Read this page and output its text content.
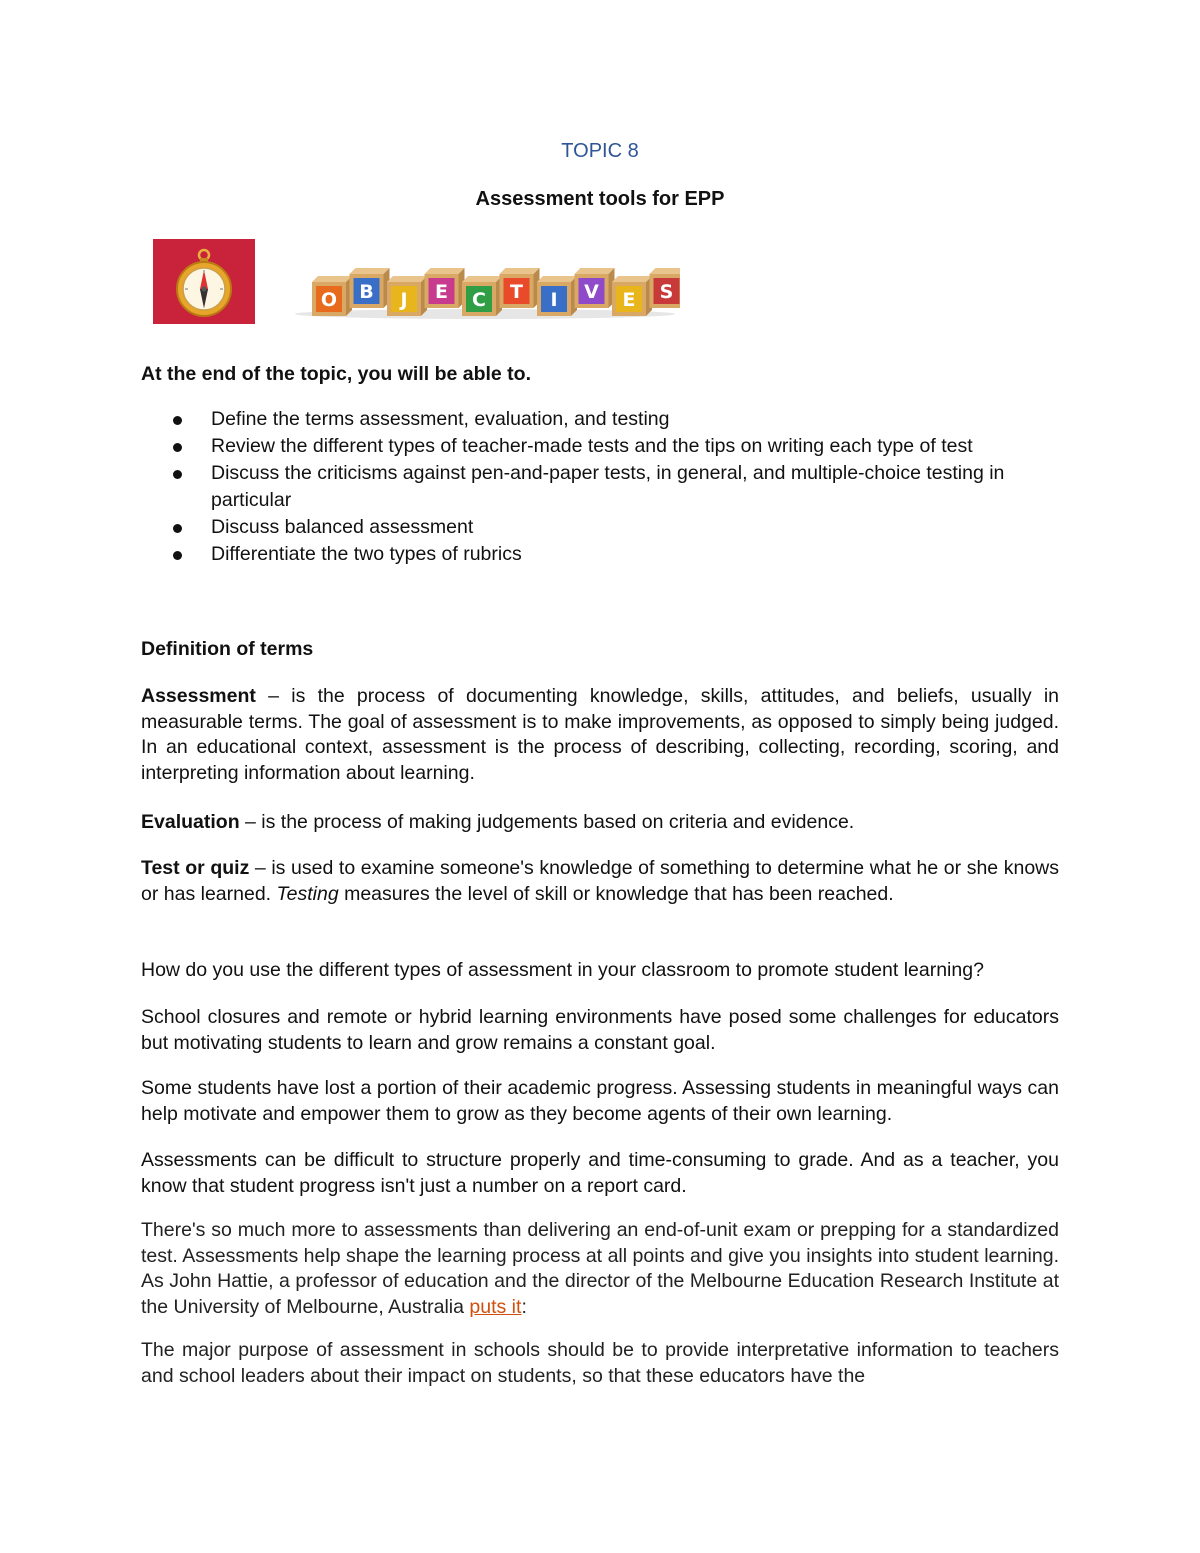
TOPIC 8
Assessment tools for EPP
O B J E C T I V E S
At the end of the topic, you will be able to.
Define the terms assessment, evaluation, and testing
Review the different types of teacher-made tests and the tips on writing each type of test
Discuss the criticisms against pen-and-paper tests, in general, and multiple-choice testing in particular
Discuss balanced assessment
Differentiate the two types of rubrics
Definition of terms

Assessment – is the process of documenting knowledge, skills, attitudes, and beliefs, usually in measurable terms. The goal of assessment is to make improvements, as opposed to simply being judged. In an educational context, assessment is the process of describing, collecting, recording, scoring, and interpreting information about learning.

Evaluation – is the process of making judgements based on criteria and evidence.

Test or quiz – is used to examine someone's knowledge of something to determine what he or she knows or has learned. Testing measures the level of skill or knowledge that has been reached.

How do you use the different types of assessment in your classroom to promote student learning?

School closures and remote or hybrid learning environments have posed some challenges for educators but motivating students to learn and grow remains a constant goal.

Some students have lost a portion of their academic progress. Assessing students in meaningful ways can help motivate and empower them to grow as they become agents of their own learning.

Assessments can be difficult to structure properly and time-consuming to grade. And as a teacher, you know that student progress isn't just a number on a report card.

There's so much more to assessments than delivering an end-of-unit exam or prepping for a standardized test. Assessments help shape the learning process at all points and give you insights into student learning. As John Hattie, a professor of education and the director of the Melbourne Education Research Institute at the University of Melbourne, Australia puts it:

The major purpose of assessment in schools should be to provide interpretative information to teachers and school leaders about their impact on students, so that these educators have the
